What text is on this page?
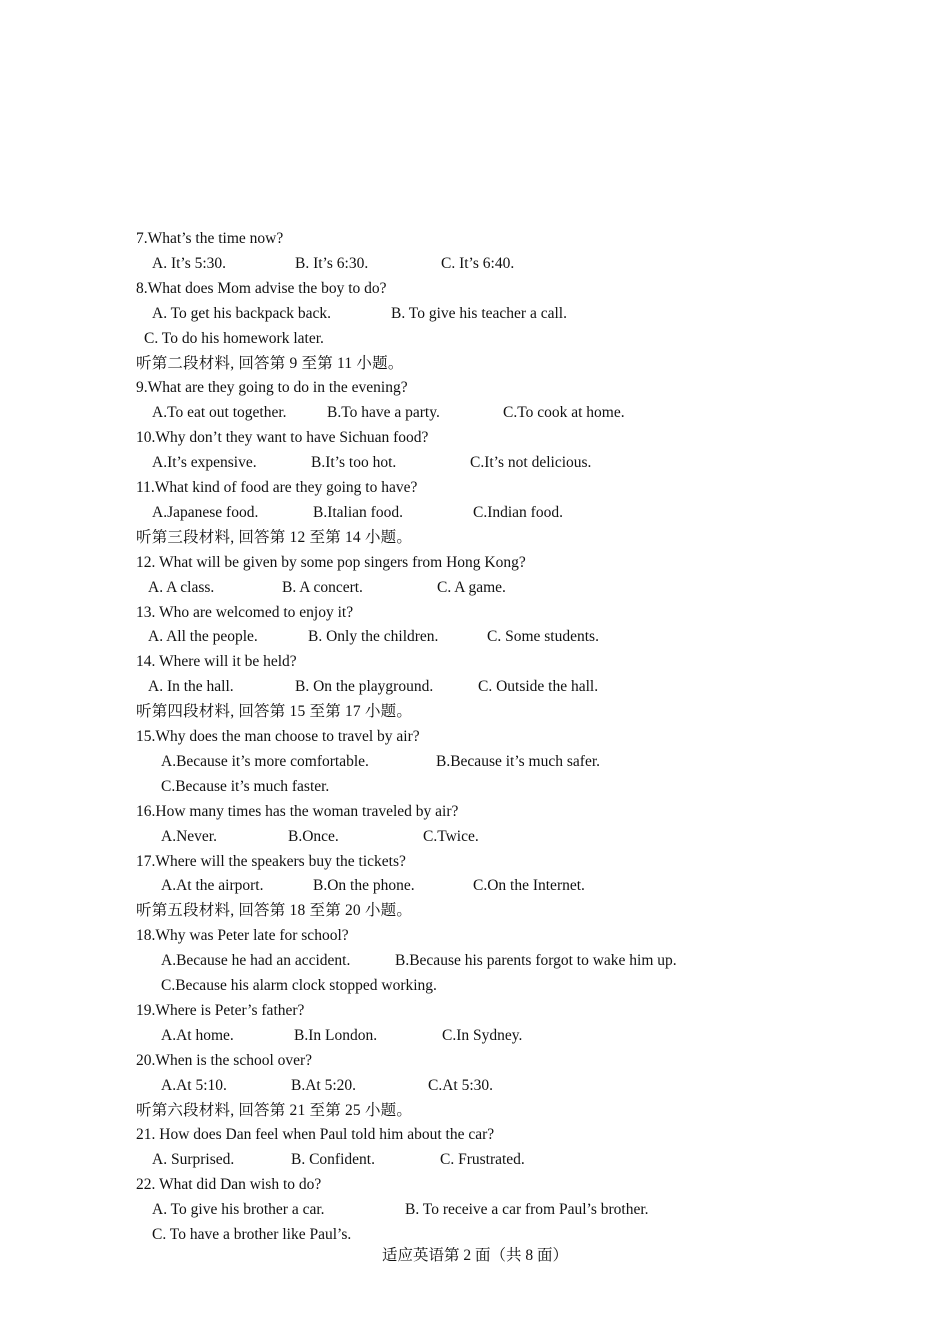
7.What’s the time now?
A. It’s 5:30.	B. It’s 6:30.	C. It’s 6:40.
8.What does Mom advise the boy to do?
A. To get his backpack back.	B. To give his teacher a call.
C. To do his homework later.
听第二段材料, 回答第 9 至第 11 小题。
9.What are they going to do in the evening?
A.To eat out together.	B.To have a party.	C.To cook at home.
10.Why don’t they want to have Sichuan food?
A.It’s expensive.	B.It’s too hot.	C.It’s not delicious.
11.What kind of food are they going to have?
A.Japanese food.	B.Italian food.	C.Indian food.
听第三段材料, 回答第 12 至第 14 小题。
12. What will be given by some pop singers from Hong Kong?
A. A class.	B. A concert.	C. A game.
13. Who are welcomed to enjoy it?
A. All the people.	B. Only the children.	C. Some students.
14. Where will it be held?
A. In the hall.	B. On the playground.	C. Outside the hall.
听第四段材料, 回答第 15 至第 17 小题。
15.Why does the man choose to travel by air?
A.Because it’s more comfortable.	B.Because it’s much safer.
C.Because it’s much faster.
16.How many times has the woman traveled by air?
A.Never.	B.Once.	C.Twice.
17.Where will the speakers buy the tickets?
A.At the airport.	B.On the phone.	C.On the Internet.
听第五段材料, 回答第 18 至第 20 小题。
18.Why was Peter late for school?
A.Because he had an accident.	B.Because his parents forgot to wake him up.
C.Because his alarm clock stopped working.
19.Where is Peter’s father?
A.At home.	B.In London.	C.In Sydney.
20.When is the school over?
A.At 5:10.	B.At 5:20.	C.At 5:30.
听第六段材料, 回答第 21 至第 25 小题。
21. How does Dan feel when Paul told him about the car?
A. Surprised.	B. Confident.	C. Frustrated.
22. What did Dan wish to do?
A. To give his brother a car.	B. To receive a car from Paul’s brother.
C. To have a brother like Paul’s.
适应英语第 2 面（共 8 面）
